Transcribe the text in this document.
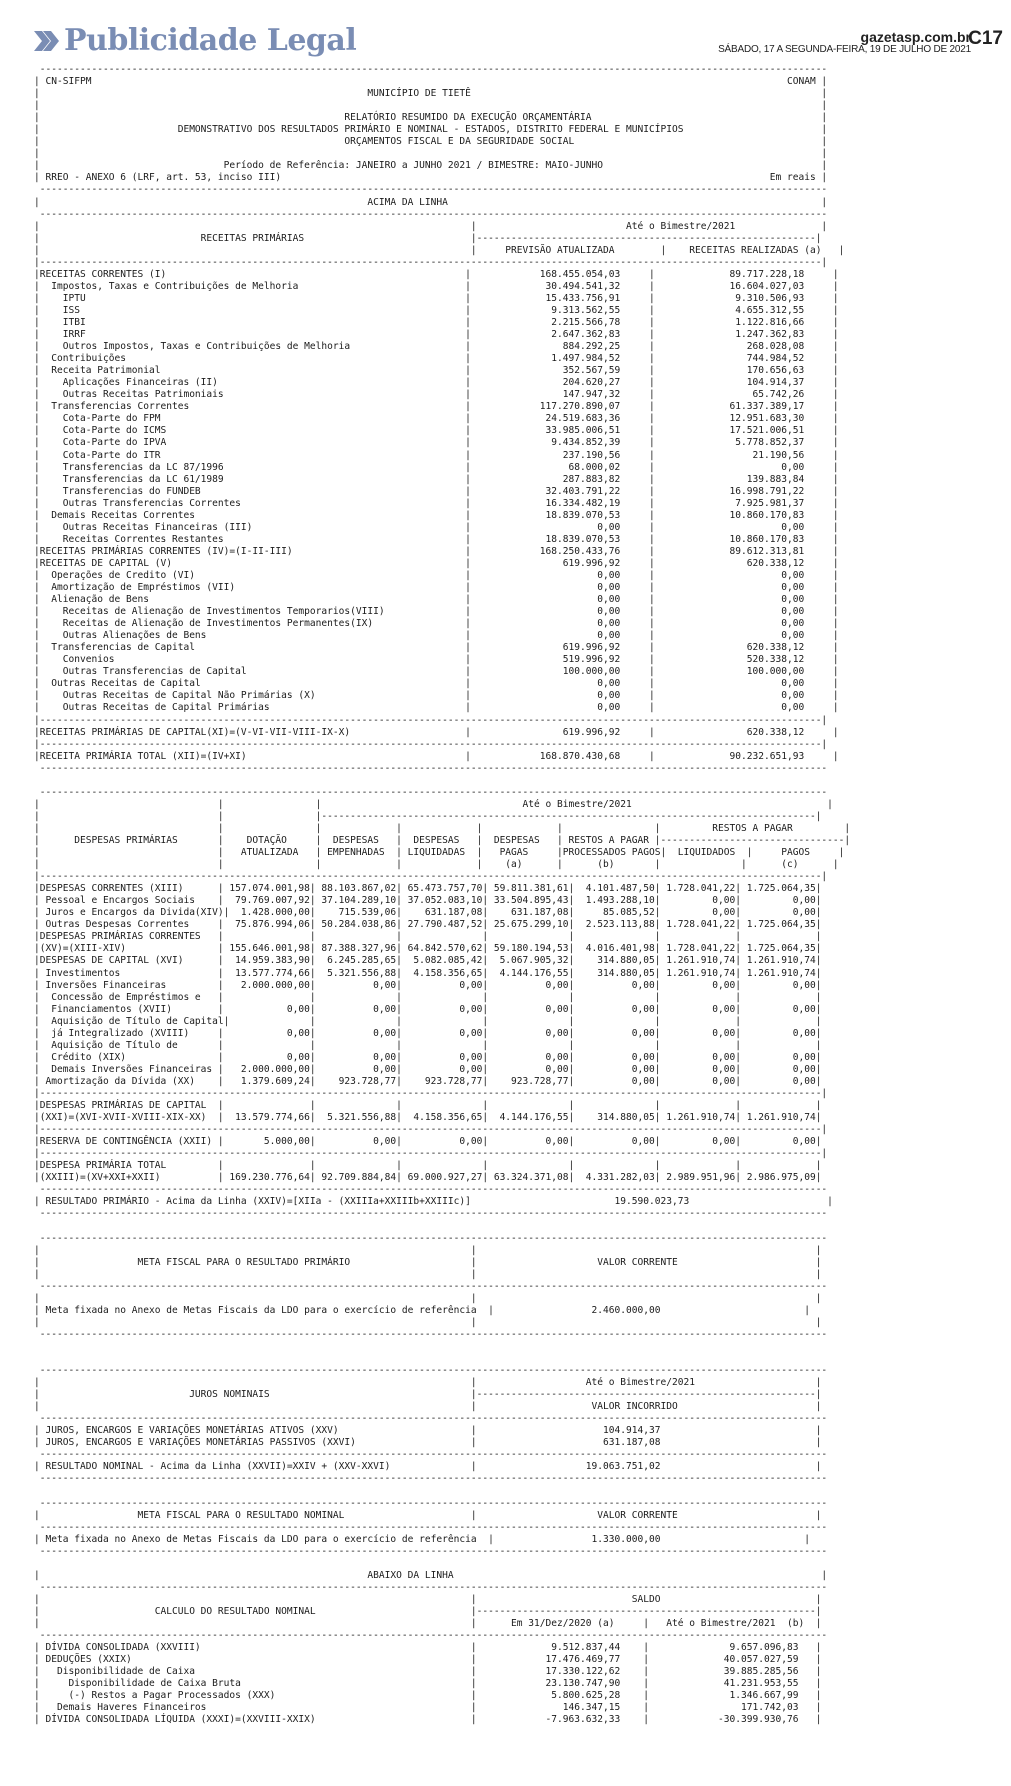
Publicidade Legal	gazetasp.com.br
SÁBADO, 17 A SEGUNDA-FEIRA, 19 DE JULHO DE 2021
C17
-----------------------------------------------------------------------------------------------------------------------------------------
| CN-SIFPM                                                                                                                         CONAM |
|                                                         MUNICÍPIO DE TIETÊ                                                             |
|                                                                                                                                        |
|                                                     RELATÓRIO RESUMIDO DA EXECUÇÃO ORÇAMENTÁRIA                                        |
|                        DEMONSTRATIVO DOS RESULTADOS PRIMÁRIO E NOMINAL - ESTADOS, DISTRITO FEDERAL E MUNICÍPIOS                        |
|                                                     ORÇAMENTOS FISCAL E DA SEGURIDADE SOCIAL                                           |
|                                                                                                                                        |
|                                Período de Referência: JANEIRO a JUNHO 2021 / BIMESTRE: MAIO-JUNHO                                      |
| RREO - ANEXO 6 (LRF, art. 53, inciso III)                                                                                     Em reais |
-----------------------------------------------------------------------------------------------------------------------------------------
|                                                         ACIMA DA LINHA                                                                 |
-----------------------------------------------------------------------------------------------------------------------------------------
|                                                                           |                          Até o Bimestre/2021               |
|                            RECEITAS PRIMÁRIAS                             |-----------------------------------------------------------|
|                                                                           |     PREVISÃO ATUALIZADA        |    RECEITAS REALIZADAS (a)   |
|----------------------------------------------------------------------------------------------------------------------------------------|
|RECEITAS CORRENTES (I)                                                    |            168.455.054,03     |             89.717.228,18     |
|  Impostos, Taxas e Contribuições de Melhoria                             |             30.494.541,32     |             16.604.027,03     |
|    IPTU                                                                  |             15.433.756,91     |              9.310.506,93     |
|    ISS                                                                   |              9.313.562,55     |              4.655.312,55     |
|    ITBI                                                                  |              2.215.566,78     |              1.122.816,66     |
|    IRRF                                                                  |              2.647.362,83     |              1.247.362,83     |
|    Outros Impostos, Taxas e Contribuições de Melhoria                    |                884.292,25     |                268.028,08     |
|  Contribuições                                                           |              1.497.984,52     |                744.984,52     |
|  Receita Patrimonial                                                     |                352.567,59     |                170.656,63     |
|    Aplicações Financeiras (II)                                           |                204.620,27     |                104.914,37     |
|    Outras Receitas Patrimoniais                                          |                147.947,32     |                 65.742,26     |
|  Transferencias Correntes                                                |            117.270.890,07     |             61.337.389,17     |
|    Cota-Parte do FPM                                                     |             24.519.683,36     |             12.951.683,30     |
|    Cota-Parte do ICMS                                                    |             33.985.006,51     |             17.521.006,51     |
|    Cota-Parte do IPVA                                                    |              9.434.852,39     |              5.778.852,37     |
|    Cota-Parte do ITR                                                     |                237.190,56     |                 21.190,56     |
|    Transferencias da LC 87/1996                                          |                 68.000,02     |                      0,00     |
|    Transferencias da LC 61/1989                                          |                287.883,82     |                139.883,84     |
|    Transferencias do FUNDEB                                              |             32.403.791,22     |             16.998.791,22     |
|    Outras Transferencias Correntes                                       |             16.334.482,19     |              7.925.981,37     |
|  Demais Receitas Correntes                                               |             18.839.070,53     |             10.860.170,83     |
|    Outras Receitas Financeiras (III)                                     |                      0,00     |                      0,00     |
|    Receitas Correntes Restantes                                          |             18.839.070,53     |             10.860.170,83     |
|RECEITAS PRIMÁRIAS CORRENTES (IV)=(I-II-III)                              |            168.250.433,76     |             89.612.313,81     |
|RECEITAS DE CAPITAL (V)                                                   |                619.996,92     |                620.338,12     |
|  Operações de Credito (VI)                                               |                      0,00     |                      0,00     |
|  Amortização de Empréstimos (VII)                                        |                      0,00     |                      0,00     |
|  Alienação de Bens                                                       |                      0,00     |                      0,00     |
|    Receitas de Alienação de Investimentos Temporarios(VIII)              |                      0,00     |                      0,00     |
|    Receitas de Alienação de Investimentos Permanentes(IX)                |                      0,00     |                      0,00     |
|    Outras Alienações de Bens                                             |                      0,00     |                      0,00     |
|  Transferencias de Capital                                               |                619.996,92     |                620.338,12     |
|    Convenios                                                             |                519.996,92     |                520.338,12     |
|    Outras Transferencias de Capital                                      |                100.000,00     |                100.000,00     |
|  Outras Receitas de Capital                                              |                      0,00     |                      0,00     |
|    Outras Receitas de Capital Não Primárias (X)                          |                      0,00     |                      0,00     |
|    Outras Receitas de Capital Primárias                                  |                      0,00     |                      0,00     |
|----------------------------------------------------------------------------------------------------------------------------------------|
|RECEITAS PRIMÁRIAS DE CAPITAL(XI)=(V-VI-VII-VIII-IX-X)                    |                619.996,92     |                620.338,12     |
|----------------------------------------------------------------------------------------------------------------------------------------|
|RECEITA PRIMÁRIA TOTAL (XII)=(IV+XI)                                      |            168.870.430,68     |             90.232.651,93     |
-----------------------------------------------------------------------------------------------------------------------------------------
-----------------------------------------------------------------------------------------------------------------------------------------
|                               |                |                                   Até o Bimestre/2021                                  |
|                               |                |--------------------------------------------------------------------------------------|
|                               |                |             |             |             |                |         RESTOS A PAGAR         |
|      DESPESAS PRIMÁRIAS       |    DOTAÇÃO     |  DESPESAS   |  DESPESAS   |  DESPESAS   | RESTOS A PAGAR |--------------------------------|
|                               |   ATUALIZADA   | EMPENHADAS  | LIQUIDADAS  |   PAGAS     |PROCESSADOS PAGOS|  LIQUIDADOS  |     PAGOS     |
|                               |                |             |             |    (a)      |      (b)       |              |      (c)      |
|----------------------------------------------------------------------------------------------------------------------------------------|
|DESPESAS CORRENTES (XIII)      | 157.074.001,98| 88.103.867,02| 65.473.757,70| 59.811.381,61|  4.101.487,50| 1.728.041,22| 1.725.064,35|
| Pessoal e Encargos Sociais    |  79.769.007,92| 37.104.289,10| 37.052.083,10| 33.504.895,43|  1.493.288,10|         0,00|         0,00|
| Juros e Encargos da Divida(XIV)|  1.428.000,00|    715.539,06|    631.187,08|    631.187,08|     85.085,52|         0,00|         0,00|
| Outras Despesas Correntes     |  75.876.994,06| 50.284.038,86| 27.790.487,52| 25.675.299,10|  2.523.113,88| 1.728.041,22| 1.725.064,35|
|DESPESAS PRIMÁRIAS CORRENTES   |               |              |              |              |              |             |             |
|(XV)=(XIII-XIV)                | 155.646.001,98| 87.388.327,96| 64.842.570,62| 59.180.194,53|  4.016.401,98| 1.728.041,22| 1.725.064,35|
|DESPESAS DE CAPITAL (XVI)      |  14.959.383,90|  6.245.285,65|  5.082.085,42|  5.067.905,32|    314.880,05| 1.261.910,74| 1.261.910,74|
| Investimentos                 |  13.577.774,66|  5.321.556,88|  4.158.356,65|  4.144.176,55|    314.880,05| 1.261.910,74| 1.261.910,74|
| Inversões Financeiras         |   2.000.000,00|          0,00|          0,00|          0,00|          0,00|         0,00|         0,00|
|  Concessão de Empréstimos e   |               |              |              |              |              |             |             |
|  Financiamentos (XVII)        |           0,00|          0,00|          0,00|          0,00|          0,00|         0,00|         0,00|
|  Aquisição de Título de Capital|              |              |              |              |              |             |             |
|  já Integralizado (XVIII)     |           0,00|          0,00|          0,00|          0,00|          0,00|         0,00|         0,00|
|  Aquisição de Título de       |               |              |              |              |              |             |             |
|  Crédito (XIX)                |           0,00|          0,00|          0,00|          0,00|          0,00|         0,00|         0,00|
|  Demais Inversões Financeiras |   2.000.000,00|          0,00|          0,00|          0,00|          0,00|         0,00|         0,00|
| Amortização da Dívida (XX)    |   1.379.609,24|    923.728,77|    923.728,77|    923.728,77|          0,00|         0,00|         0,00|
|----------------------------------------------------------------------------------------------------------------------------------------|
|DESPESAS PRIMÁRIAS DE CAPITAL  |               |              |              |              |              |             |             |
|(XXI)=(XVI-XVII-XVIII-XIX-XX)  |  13.579.774,66|  5.321.556,88|  4.158.356,65|  4.144.176,55|    314.880,05| 1.261.910,74| 1.261.910,74|
|----------------------------------------------------------------------------------------------------------------------------------------|
|RESERVA DE CONTINGÊNCIA (XXII) |       5.000,00|          0,00|          0,00|          0,00|          0,00|         0,00|         0,00|
|----------------------------------------------------------------------------------------------------------------------------------------|
|DESPESA PRIMÁRIA TOTAL         |               |              |              |              |              |             |             |
|(XXIII)=(XV+XXI+XXII)          | 169.230.776,64| 92.709.884,84| 69.000.927,27| 63.324.371,08|  4.331.282,03| 2.989.951,96| 2.986.975,09|
-----------------------------------------------------------------------------------------------------------------------------------------
| RESULTADO PRIMÁRIO - Acima da Linha (XXIV)=[XIIa - (XXIIIa+XXIIIb+XXIIIc)]                         19.590.023,73                        |
-----------------------------------------------------------------------------------------------------------------------------------------
-----------------------------------------------------------------------------------------------------------------------------------------
|                                                                           |                                                           |
|                 META FISCAL PARA O RESULTADO PRIMÁRIO                     |                     VALOR CORRENTE                        |
|                                                                           |                                                           |
-----------------------------------------------------------------------------------------------------------------------------------------
|                                                                           |                                                           |
| Meta fixada no Anexo de Metas Fiscais da LDO para o exercício de referência  |                 2.460.000,00                         |
|                                                                           |                                                           |
-----------------------------------------------------------------------------------------------------------------------------------------
-----------------------------------------------------------------------------------------------------------------------------------------
|                                                                           |                   Até o Bimestre/2021                     |
|                          JUROS NOMINAIS                                   |-----------------------------------------------------------|
|                                                                           |                    VALOR INCORRIDO                        |
-----------------------------------------------------------------------------------------------------------------------------------------
| JUROS, ENCARGOS E VARIAÇÕES MONETÁRIAS ATIVOS (XXV)                       |                      104.914,37                           |
| JUROS, ENCARGOS E VARIAÇÕES MONETÁRIAS PASSIVOS (XXVI)                    |                      631.187,08                           |
-----------------------------------------------------------------------------------------------------------------------------------------
| RESULTADO NOMINAL - Acima da Linha (XXVII)=XXIV + (XXV-XXVI)              |                   19.063.751,02                           |
-----------------------------------------------------------------------------------------------------------------------------------------
-----------------------------------------------------------------------------------------------------------------------------------------
|                 META FISCAL PARA O RESULTADO NOMINAL                      |                     VALOR CORRENTE                        |
-----------------------------------------------------------------------------------------------------------------------------------------
| Meta fixada no Anexo de Metas Fiscais da LDO para o exercício de referência  |                 1.330.000,00                         |
-----------------------------------------------------------------------------------------------------------------------------------------
|                                                         ABAIXO DA LINHA                                                                |
-----------------------------------------------------------------------------------------------------------------------------------------
|                                                                           |                           SALDO                           |
|                    CALCULO DO RESULTADO NOMINAL                           |-----------------------------------------------------------|
|                                                                           |      Em 31/Dez/2020 (a)     |   Até o Bimestre/2021  (b)  |
-----------------------------------------------------------------------------------------------------------------------------------------
| DÍVIDA CONSOLIDADA (XXVIII)                                               |             9.512.837,44    |              9.657.096,83   |
| DEDUÇÕES (XXIX)                                                           |            17.476.469,77    |             40.057.027,59   |
|   Disponibilidade de Caixa                                                |            17.330.122,62    |             39.885.285,56   |
|     Disponibilidade de Caixa Bruta                                        |            23.130.747,90    |             41.231.953,55   |
|     (-) Restos a Pagar Processados (XXX)                                  |             5.800.625,28    |              1.346.667,99   |
|   Demais Haveres Financeiros                                              |               146.347,15    |                171.742,03   |
| DÍVIDA CONSOLIDADA LÍQUIDA (XXXI)=(XXVIII-XXIX)                           |            -7.963.632,33    |            -30.399.930,76   |
